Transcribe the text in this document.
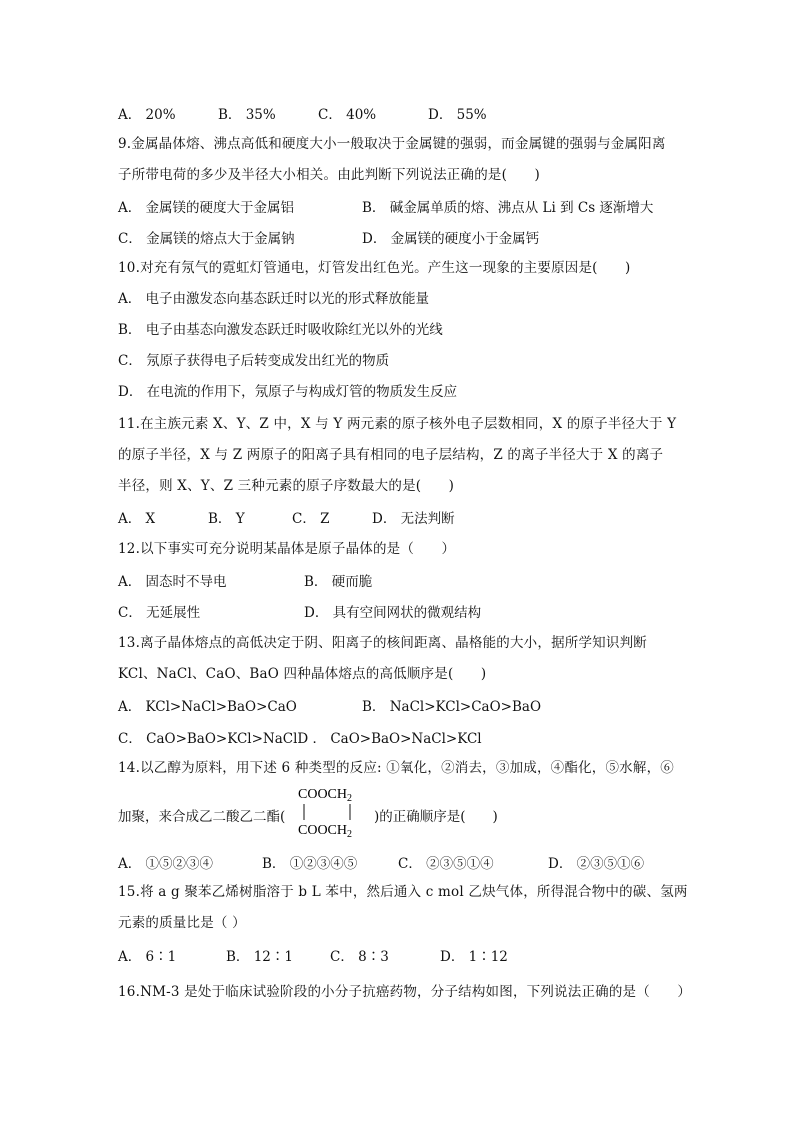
A． 20%	B． 35%	C． 40%	D． 55%
9.金属晶体熔、沸点高低和硬度大小一般取决于金属键的强弱，而金属键的强弱与金属阳离
子所带电荷的多少及半径大小相关。由此判断下列说法正确的是(　　)
A． 金属镁的硬度大于金属铝	B． 碱金属单质的熔、沸点从 Li 到 Cs 逐渐增大
C． 金属镁的熔点大于金属钠	D． 金属镁的硬度小于金属钙
10.对充有氖气的霓虹灯管通电，灯管发出红色光。产生这一现象的主要原因是(　　)
A． 电子由激发态向基态跃迁时以光的形式释放能量
B． 电子由基态向激发态跃迁时吸收除红光以外的光线
C． 氖原子获得电子后转变成发出红光的物质
D． 在电流的作用下，氖原子与构成灯管的物质发生反应
11.在主族元素 X、Y、Z 中，X 与 Y 两元素的原子核外电子层数相同，X 的原子半径大于 Y
的原子半径，X 与 Z 两原子的阳离子具有相同的电子层结构，Z 的离子半径大于 X 的离子
半径，则 X、Y、Z 三种元素的原子序数最大的是(　　)
A． X	B． Y	C． Z	D． 无法判断
12.以下事实可充分说明某晶体是原子晶体的是（　　）
A． 固态时不导电	B． 硬而脆
C． 无延展性	D． 具有空间网状的微观结构
13.离子晶体熔点的高低决定于阴、阳离子的核间距离、晶格能的大小，据所学知识判断
KCl、NaCl、CaO、BaO 四种晶体熔点的高低顺序是(　　)
A． KCl>NaCl>BaO>CaO	B． NaCl>KCl>CaO>BaO
C． CaO>BaO>KCl>NaClD ． CaO>BaO>NaCl>KCl
14.以乙醇为原料，用下述 6 种类型的反应: ①氧化，②消去，③加成，④酯化，⑤水解，⑥
加聚，来合成乙二酸乙二酯(
$COOCH_2$
$COOCH_2$
)的正确顺序是(　　)
A． ①⑤②③④	B． ①②③④⑤	C． ②③⑤①④	D． ②③⑤①⑥
15.将 a g 聚苯乙烯树脂溶于 b L 苯中，然后通入 c mol 乙炔气体，所得混合物中的碳、氢两
元素的质量比是（ ）
A． 6∶1	B． 12∶1	C． 8∶3	D． 1∶12
16.NM-3 是处于临床试验阶段的小分子抗癌药物，分子结构如图，下列说法正确的是（　　）
